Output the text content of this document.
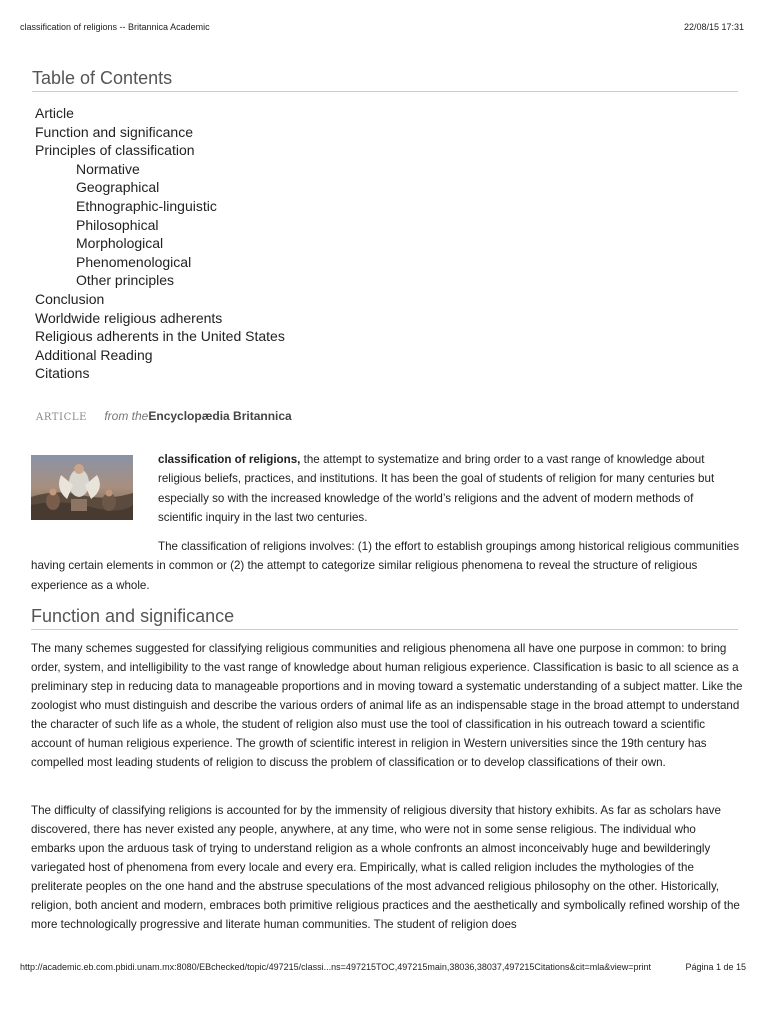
classification of religions -- Britannica Academic	22/08/15 17:31
Table of Contents
Article
Function and significance
Principles of classification
Normative
Geographical
Ethnographic-linguistic
Philosophical
Morphological
Phenomenological
Other principles
Conclusion
Worldwide religious adherents
Religious adherents in the United States
Additional Reading
Citations
ARTICLE from theEncyclopædia Britannica

classification of religions, the attempt to systematize and bring order to a vast range of knowledge about religious beliefs, practices, and institutions. It has been the goal of students of religion for many centuries but especially so with the increased knowledge of the world’s religions and the advent of modern methods of scientific inquiry in the last two centuries.

The classification of religions involves: (1) the effort to establish groupings among historical religious communities having certain elements in common or (2) the attempt to categorize similar religious phenomena to reveal the structure of religious experience as a whole.

Function and significance

The many schemes suggested for classifying religious communities and religious phenomena all have one purpose in common: to bring order, system, and intelligibility to the vast range of knowledge about human religious experience. Classification is basic to all science as a preliminary step in reducing data to manageable proportions and in moving toward a systematic understanding of a subject matter. Like the zoologist who must distinguish and describe the various orders of animal life as an indispensable stage in the broad attempt to understand the character of such life as a whole, the student of religion also must use the tool of classification in his outreach toward a scientific account of human religious experience. The growth of scientific interest in religion in Western universities since the 19th century has compelled most leading students of religion to discuss the problem of classification or to develop classifications of their own.

The difficulty of classifying religions is accounted for by the immensity of religious diversity that history exhibits. As far as scholars have discovered, there has never existed any people, anywhere, at any time, who were not in some sense religious. The individual who embarks upon the arduous task of trying to understand religion as a whole confronts an almost inconceivably huge and bewilderingly variegated host of phenomena from every locale and every era. Empirically, what is called religion includes the mythologies of the preliterate peoples on the one hand and the abstruse speculations of the most advanced religious philosophy on the other. Historically, religion, both ancient and modern, embraces both primitive religious practices and the aesthetically and symbolically refined worship of the more technologically progressive and literate human communities. The student of religion does

http://academic.eb.com.pbidi.unam.mx:8080/EBchecked/topic/497215/classi...ns=497215TOC,497215main,38036,38037,497215Citations&cit=mla&view=print	Página 1 de 15
